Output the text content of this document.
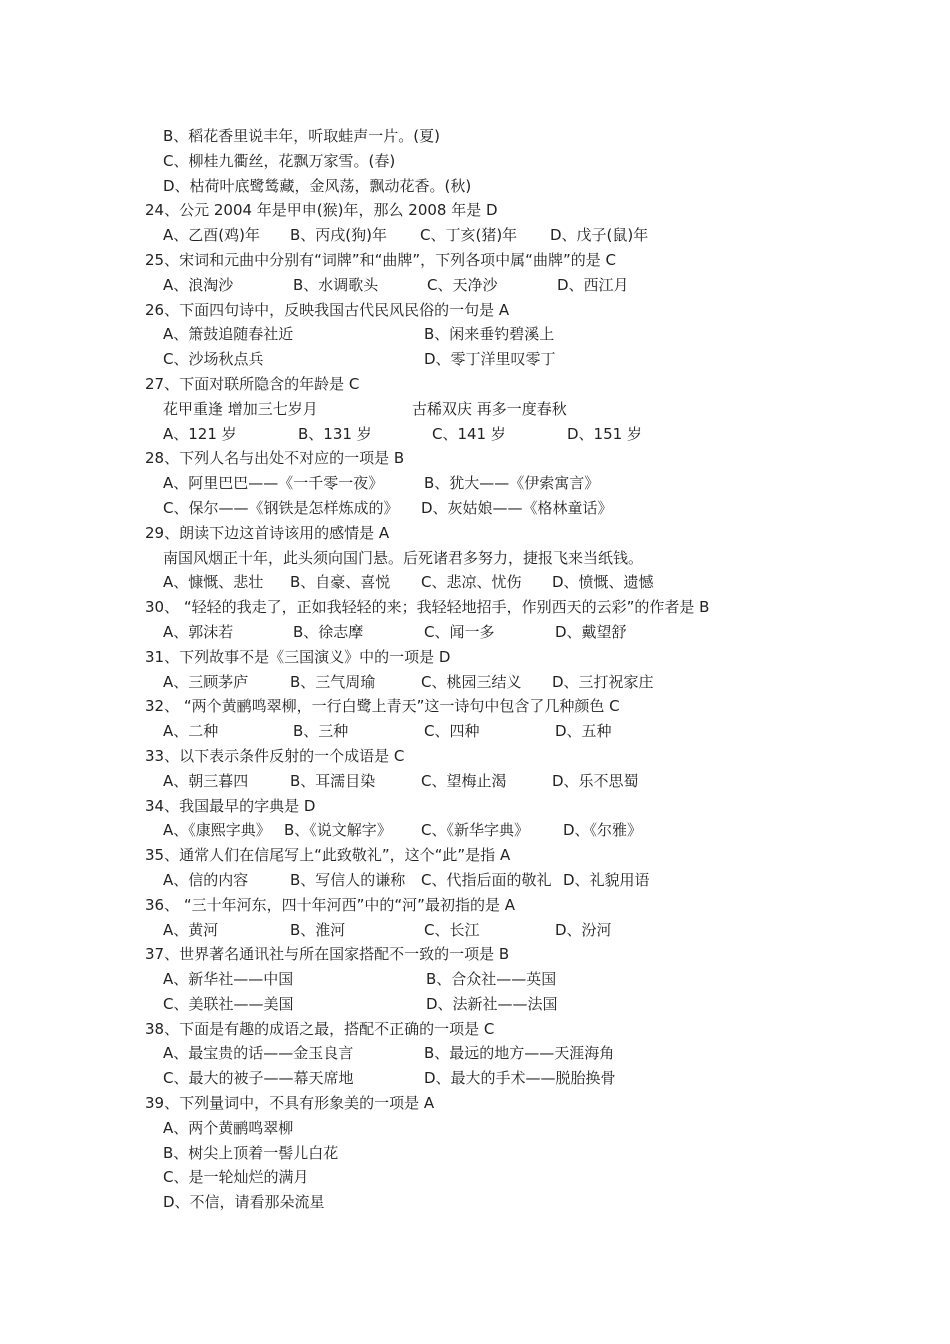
B、稻花香里说丰年，听取蛙声一片。(夏)
C、柳桂九衢丝，花飘万家雪。(春)
D、枯荷叶底鹭鸶藏，金风荡，飘动花香。(秋)
24、公元 2004 年是甲申(猴)年，那么 2008 年是 D
A、乙酉(鸡)年 B、丙戌(狗)年 C、丁亥(猪)年 D、戊子(鼠)年
25、宋词和元曲中分别有“词牌”和“曲牌”，下列各项中属“曲牌”的是 C
A、浪淘沙	B、水调歌头	C、天净沙	D、西江月
26、下面四句诗中，反映我国古代民风民俗的一句是 A
A、箫鼓追随春社近	B、闲来垂钓碧溪上
C、沙场秋点兵	D、零丁洋里叹零丁
27、下面对联所隐含的年龄是 C
花甲重逢 增加三七岁月	古稀双庆 再多一度春秋
A、121 岁	B、131 岁	C、141 岁	D、151 岁
28、下列人名与出处不对应的一项是 B
A、阿里巴巴——《一千零一夜》	B、犹大——《伊索寓言》
C、保尔——《钢铁是怎样炼成的》 D、灰姑娘——《格林童话》
29、朗读下边这首诗该用的感情是 A
南国风烟正十年，此头须向国门悬。后死诸君多努力，捷报飞来当纸钱。
A、慷慨、悲壮 B、自豪、喜悦 C、悲凉、忧伤 D、愤慨、遗憾
30、 “轻轻的我走了，正如我轻轻的来；我轻轻地招手，作别西天的云彩”的作者是 B
A、郭沫若	B、徐志摩	C、闻一多	D、戴望舒
31、下列故事不是《三国演义》中的一项是 D
A、三顾茅庐	B、三气周瑜	C、桃园三结义 D、三打祝家庄
32、 “两个黄鹂鸣翠柳，一行白鹭上青天”这一诗句中包含了几种颜色 C
A、二种	B、三种	C、四种	D、五种
33、以下表示条件反射的一个成语是 C
A、朝三暮四	B、耳濡目染	C、望梅止渴	D、乐不思蜀
34、我国最早的字典是 D
A、《康熙字典》 B、《说文解字》 C、《新华字典》 D、《尔雅》
35、通常人们在信尾写上“此致敬礼”，这个“此”是指 A
A、信的内容	B、写信人的谦称 C、代指后面的敬礼 D、礼貌用语
36、 “三十年河东，四十年河西”中的“河”最初指的是 A
A、黄河	B、淮河	C、长江	D、汾河
37、世界著名通讯社与所在国家搭配不一致的一项是 B
A、新华社——中国	B、合众社——英国
C、美联社——美国	D、法新社——法国
38、下面是有趣的成语之最，搭配不正确的一项是 C
A、最宝贵的话——金玉良言	B、最远的地方——天涯海角
C、最大的被子——幕天席地	D、最大的手术——脱胎换骨
39、下列量词中，不具有形象美的一项是 A
A、两个黄鹂鸣翠柳
B、树尖上顶着一髻儿白花
C、是一轮灿烂的满月
D、不信，请看那朵流星
